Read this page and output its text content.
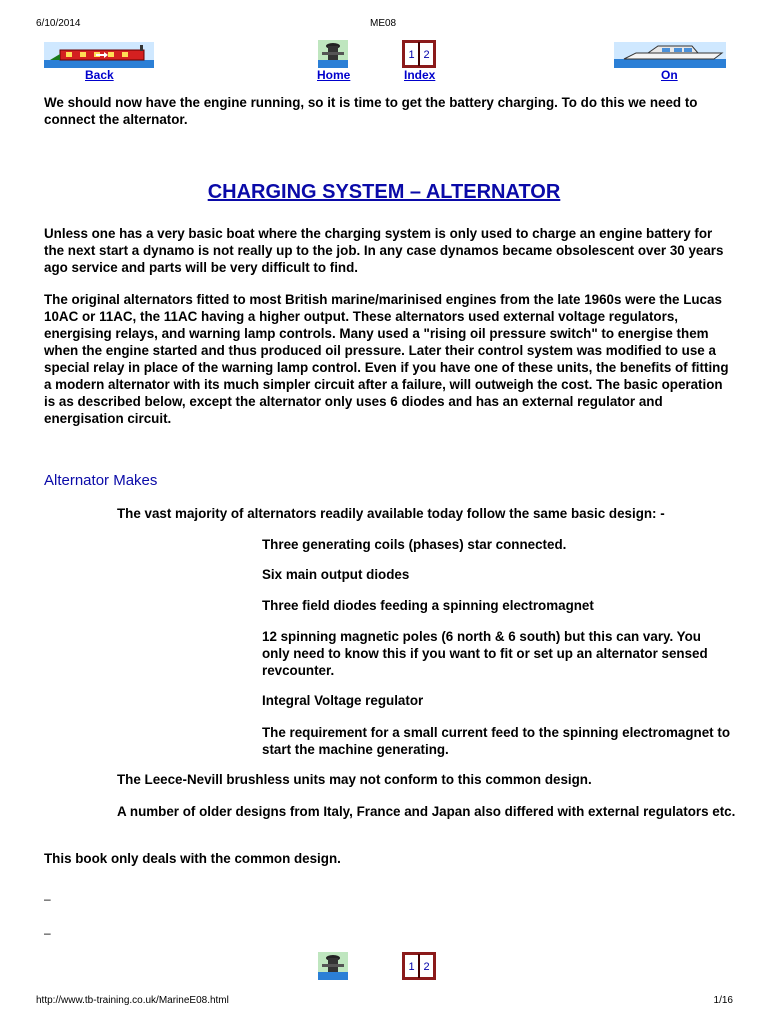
6/10/2014	ME08
Back	Home
1 2
Index	On

We should now have the engine running, so it is time to get the battery charging. To do this we need to connect the alternator.

CHARGING SYSTEM – ALTERNATOR

Unless one has a very basic boat where the charging system is only used to charge an engine battery for the next start a dynamo is not really up to the job. In any case dynamos became obsolescent over 30 years ago service and parts will be very difficult to find.

The original alternators fitted to most British marine/marinised engines from the late 1960s were the Lucas 10AC or 11AC, the 11AC having a higher output. These alternators used external voltage regulators, energising relays, and warning lamp controls. Many used a "rising oil pressure switch" to energise them when the engine started and thus produced oil pressure. Later their control system was modified to use a special relay in place of the warning lamp control. Even if you have one of these units, the benefits of fitting a modern alternator with its much simpler circuit after a failure, will outweigh the cost. The basic operation is as described below, except the alternator only uses 6 diodes and has an external regulator and energisation circuit.

Alternator Makes

The vast majority of alternators readily available today follow the same basic design: -

Three generating coils (phases) star connected.

Six main output diodes

Three field diodes feeding a spinning electromagnet

12 spinning magnetic poles (6 north & 6 south) but this can vary. You only need to know this if you want to fit or set up an alternator sensed revcounter.

Integral Voltage regulator

The requirement for a small current feed to the spinning electromagnet to start the machine generating.

The Leece-Nevill brushless units may not conform to this common design.

A number of older designs from Italy, France and Japan also differed with external regulators etc.

This book only deals with the common design.

–
–
1 2
http://www.tb-training.co.uk/MarineE08.html	1/16
